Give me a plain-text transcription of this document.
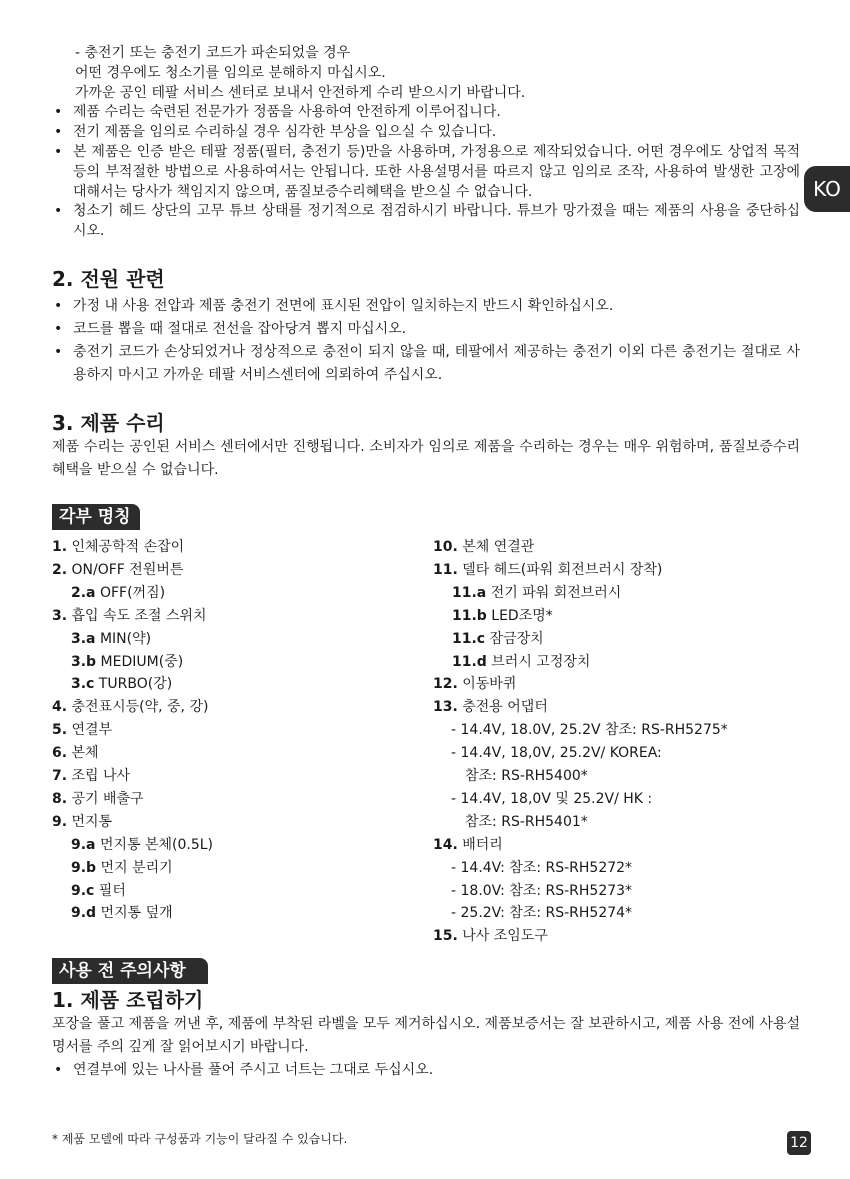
KO

- 충전기 또는 충전기 코드가 파손되었을 경우

어떤 경우에도 청소기를 임의로 분해하지 마십시오.

가까운 공인 테팔 서비스 센터로 보내서 안전하게 수리 받으시기 바랍니다.

• 제품 수리는 숙련된 전문가가 정품을 사용하여 안전하게 이루어집니다.

• 전기 제품을 임의로 수리하실 경우 심각한 부상을 입으실 수 있습니다.

• 본 제품은 인증 받은 테팔 정품(필터, 충전기 등)만을 사용하며, 가정용으로 제작되었습니다. 어떤 경우에도 상업적 목적 등의 부적절한 방법으로 사용하여서는 안됩니다. 또한 사용설명서를 따르지 않고 임의로 조작, 사용하여 발생한 고장에 대해서는 당사가 책임지지 않으며, 품질보증수리혜택을 받으실 수 없습니다.

• 청소기 헤드 상단의 고무 튜브 상태를 정기적으로 점검하시기 바랍니다. 튜브가 망가졌을 때는 제품의 사용을 중단하십시오.

2. 전원 관련

• 가정 내 사용 전압과 제품 충전기 전면에 표시된 전압이 일치하는지 반드시 확인하십시오.

• 코드를 뽑을 때 절대로 전선을 잡아당겨 뽑지 마십시오.

• 충전기 코드가 손상되었거나 정상적으로 충전이 되지 않을 때, 테팔에서 제공하는 충전기 이외 다른 충전기는 절대로 사용하지 마시고 가까운 테팔 서비스센터에 의뢰하여 주십시오.

3. 제품 수리

제품 수리는 공인된 서비스 센터에서만 진행됩니다. 소비자가 임의로 제품을 수리하는 경우는 매우 위험하며, 품질보증수리 혜택을 받으실 수 없습니다.

각부 명칭

1. 인체공학적 손잡이

2. ON/OFF 전원버튼

2.a OFF(꺼짐)

3. 흡입 속도 조절 스위치

3.a MIN(약)

3.b MEDIUM(중)

3.c TURBO(강)

4. 충전표시등(약, 중, 강)

5. 연결부

6. 본체

7. 조립 나사

8. 공기 배출구

9. 먼지통

9.a 먼지통 본체(0.5L)

9.b 먼지 분리기

9.c 필터

9.d 먼지통 덮개

10. 본체 연결관

11. 델타 헤드(파워 회전브러시 장착)

11.a 전기 파워 회전브러시

11.b LED조명*

11.c 잠금장치

11.d 브러시 고정장치

12. 이동바퀴

13. 충전용 어댑터

- 14.4V, 18.0V, 25.2V 참조: RS-RH5275*

- 14.4V, 18,0V, 25.2V/ KOREA:

참조: RS-RH5400*

- 14.4V, 18,0V 및 25.2V/ HK :

참조: RS-RH5401*

14. 배터리

- 14.4V: 참조: RS-RH5272*

- 18.0V: 참조: RS-RH5273*

- 25.2V: 참조: RS-RH5274*

15. 나사 조임도구

사용 전 주의사항
1. 제품 조립하기

포장을 풀고 제품을 꺼낸 후, 제품에 부착된 라벨을 모두 제거하십시오. 제품보증서는 잘 보관하시고, 제품 사용 전에 사용설명서를 주의 깊게 잘 읽어보시기 바랍니다.

• 연결부에 있는 나사를 풀어 주시고 너트는 그대로 두십시오.

* 제품 모델에 따라 구성품과 기능이 달라질 수 있습니다.	12
